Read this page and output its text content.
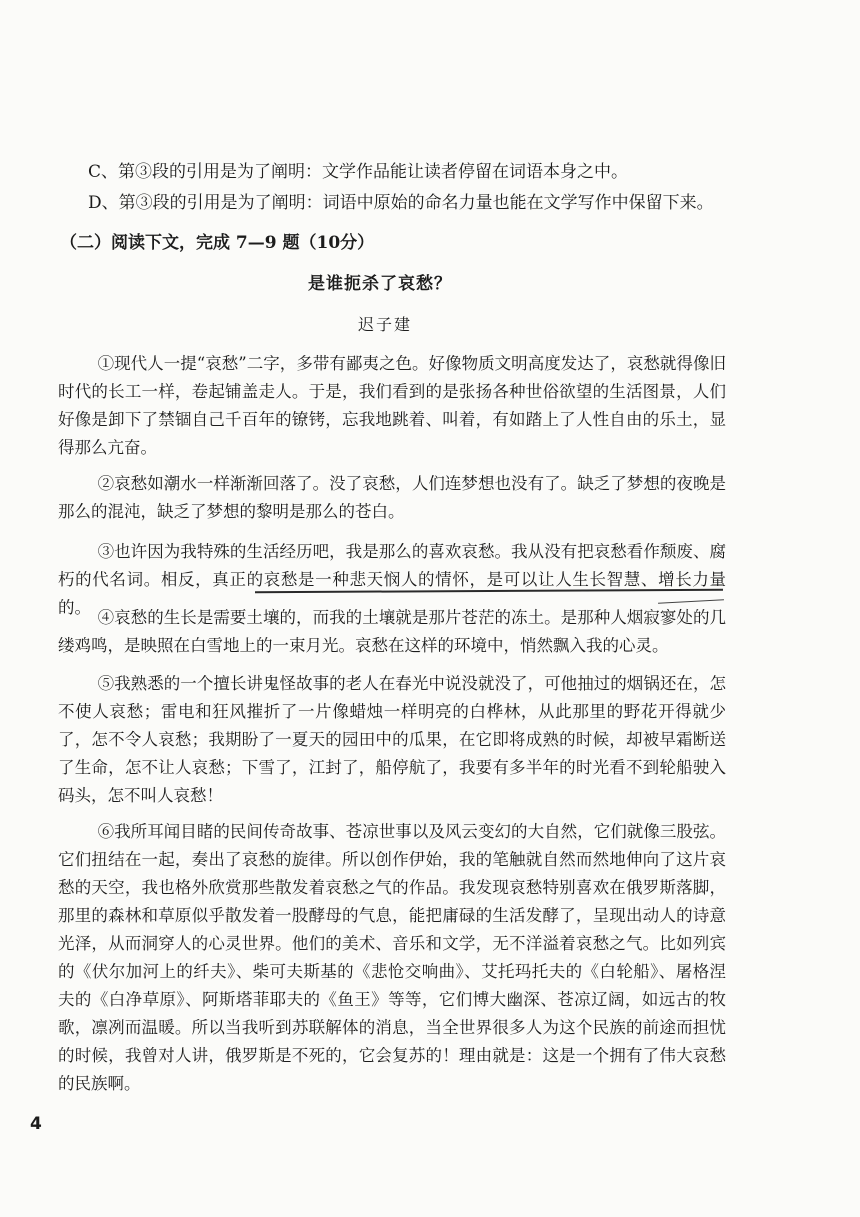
C、第③段的引用是为了阐明：文学作品能让读者停留在词语本身之中。
D、第③段的引用是为了阐明：词语中原始的命名力量也能在文学写作中保留下来。
（二）阅读下文，完成 7—9 题（10分）
是谁扼杀了哀愁？
迟子建
①现代人一提“哀愁”二字，多带有鄙夷之色。好像物质文明高度发达了，哀愁就得像旧时代的长工一样，卷起铺盖走人。于是，我们看到的是张扬各种世俗欲望的生活图景，人们好像是卸下了禁锢自己千百年的镣铐，忘我地跳着、叫着，有如踏上了人性自由的乐土，显得那么亢奋。
②哀愁如潮水一样渐渐回落了。没了哀愁，人们连梦想也没有了。缺乏了梦想的夜晚是那么的混沌，缺乏了梦想的黎明是那么的苍白。
③也许因为我特殊的生活经历吧，我是那么的喜欢哀愁。我从没有把哀愁看作颓废、腐朽的代名词。相反，真正的哀愁是一种悲天悯人的情怀，是可以让人生长智慧、增长力量的。
④哀愁的生长是需要土壤的，而我的土壤就是那片苍茫的冻土。是那种人烟寂寥处的几缕鸡鸣，是映照在白雪地上的一束月光。哀愁在这样的环境中，悄然飘入我的心灵。
⑤我熟悉的一个擅长讲鬼怪故事的老人在春光中说没就没了，可他抽过的烟锅还在，怎不使人哀愁；雷电和狂风摧折了一片像蜡烛一样明亮的白桦林，从此那里的野花开得就少了，怎不令人哀愁；我期盼了一夏天的园田中的瓜果，在它即将成熟的时候，却被早霜断送了生命，怎不让人哀愁；下雪了，江封了，船停航了，我要有多半年的时光看不到轮船驶入码头，怎不叫人哀愁！
⑥我所耳闻目睹的民间传奇故事、苍凉世事以及风云变幻的大自然，它们就像三股弦。它们扭结在一起，奏出了哀愁的旋律。所以创作伊始，我的笔触就自然而然地伸向了这片哀愁的天空，我也格外欣赏那些散发着哀愁之气的作品。我发现哀愁特别喜欢在俄罗斯落脚，那里的森林和草原似乎散发着一股酵母的气息，能把庸碌的生活发酵了，呈现出动人的诗意光泽，从而洞穿人的心灵世界。他们的美术、音乐和文学，无不洋溢着哀愁之气。比如列宾的《伏尔加河上的纤夫》、柴可夫斯基的《悲怆交响曲》、艾托玛托夫的《白轮船》、屠格涅夫的《白净草原》、阿斯塔菲耶夫的《鱼王》等等，它们博大幽深、苍凉辽阔，如远古的牧歌，凛冽而温暖。所以当我听到苏联解体的消息，当全世界很多人为这个民族的前途而担忧的时候，我曾对人讲，俄罗斯是不死的，它会复苏的！理由就是：这是一个拥有了伟大哀愁的民族啊。
4
